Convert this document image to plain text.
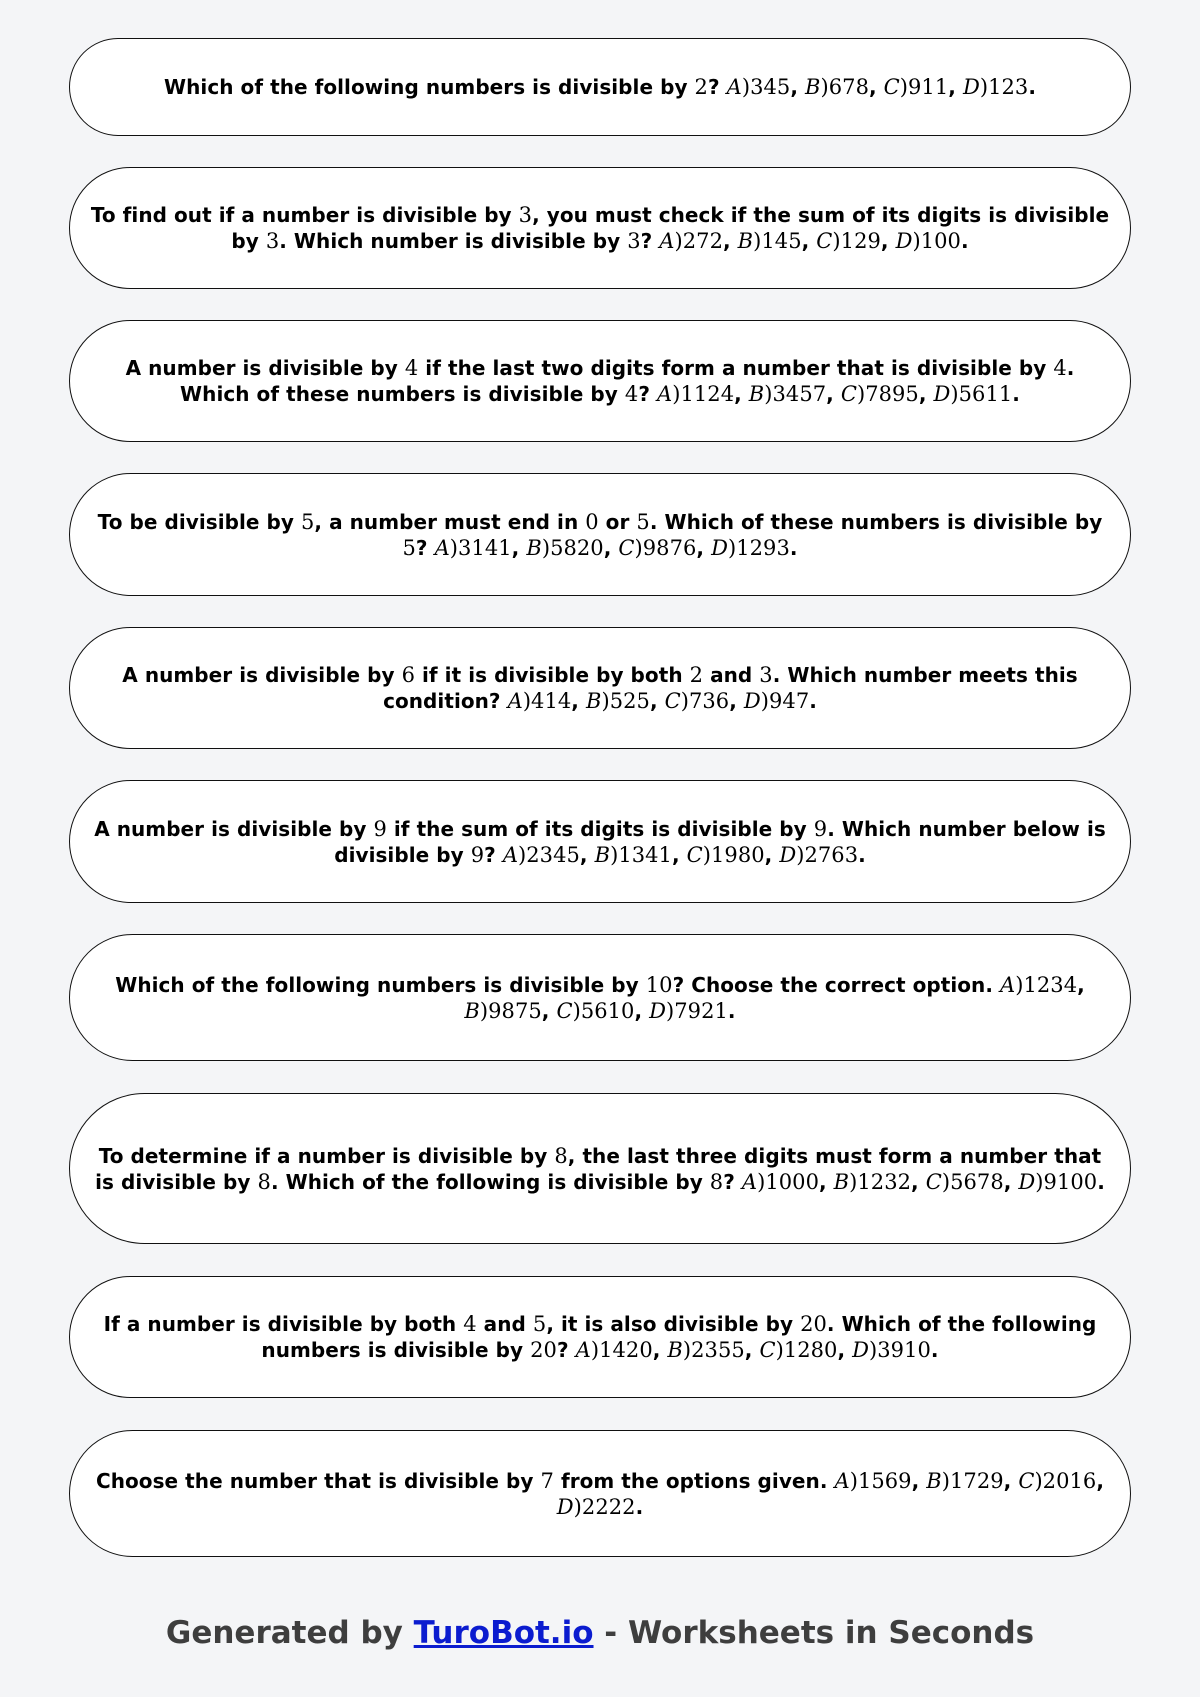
Which of the following numbers is divisible by 2? A)345, B)678, C)911, D)123.
To find out if a number is divisible by 3, you must check if the sum of its digits is divisible by 3. Which number is divisible by 3? A)272, B)145, C)129, D)100.
A number is divisible by 4 if the last two digits form a number that is divisible by 4. Which of these numbers is divisible by 4? A)1124, B)3457, C)7895, D)5611.
To be divisible by 5, a number must end in 0 or 5. Which of these numbers is divisible by 5? A)3141, B)5820, C)9876, D)1293.
A number is divisible by 6 if it is divisible by both 2 and 3. Which number meets this condition? A)414, B)525, C)736, D)947.
A number is divisible by 9 if the sum of its digits is divisible by 9. Which number below is divisible by 9? A)2345, B)1341, C)1980, D)2763.
Which of the following numbers is divisible by 10? Choose the correct option. A)1234, B)9875, C)5610, D)7921.
To determine if a number is divisible by 8, the last three digits must form a number that is divisible by 8. Which of the following is divisible by 8? A)1000, B)1232, C)5678, D)9100.
If a number is divisible by both 4 and 5, it is also divisible by 20. Which of the following numbers is divisible by 20? A)1420, B)2355, C)1280, D)3910.
Choose the number that is divisible by 7 from the options given. A)1569, B)1729, C)2016, D)2222.
Generated by TuroBot.io - Worksheets in Seconds
